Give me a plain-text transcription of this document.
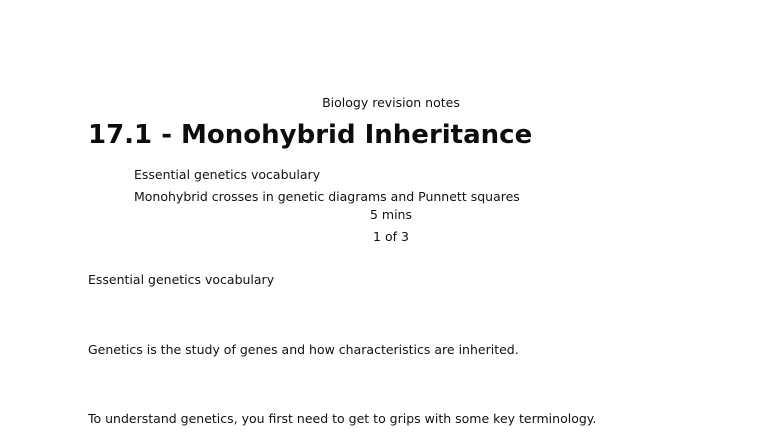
Biology revision notes
17.1 - Monohybrid Inheritance
Essential genetics vocabulary
Monohybrid crosses in genetic diagrams and Punnett squares
5 mins
1 of 3
Essential genetics vocabulary

Genetics is the study of genes and how characteristics are inherited.

To understand genetics, you first need to get to grips with some key terminology.
